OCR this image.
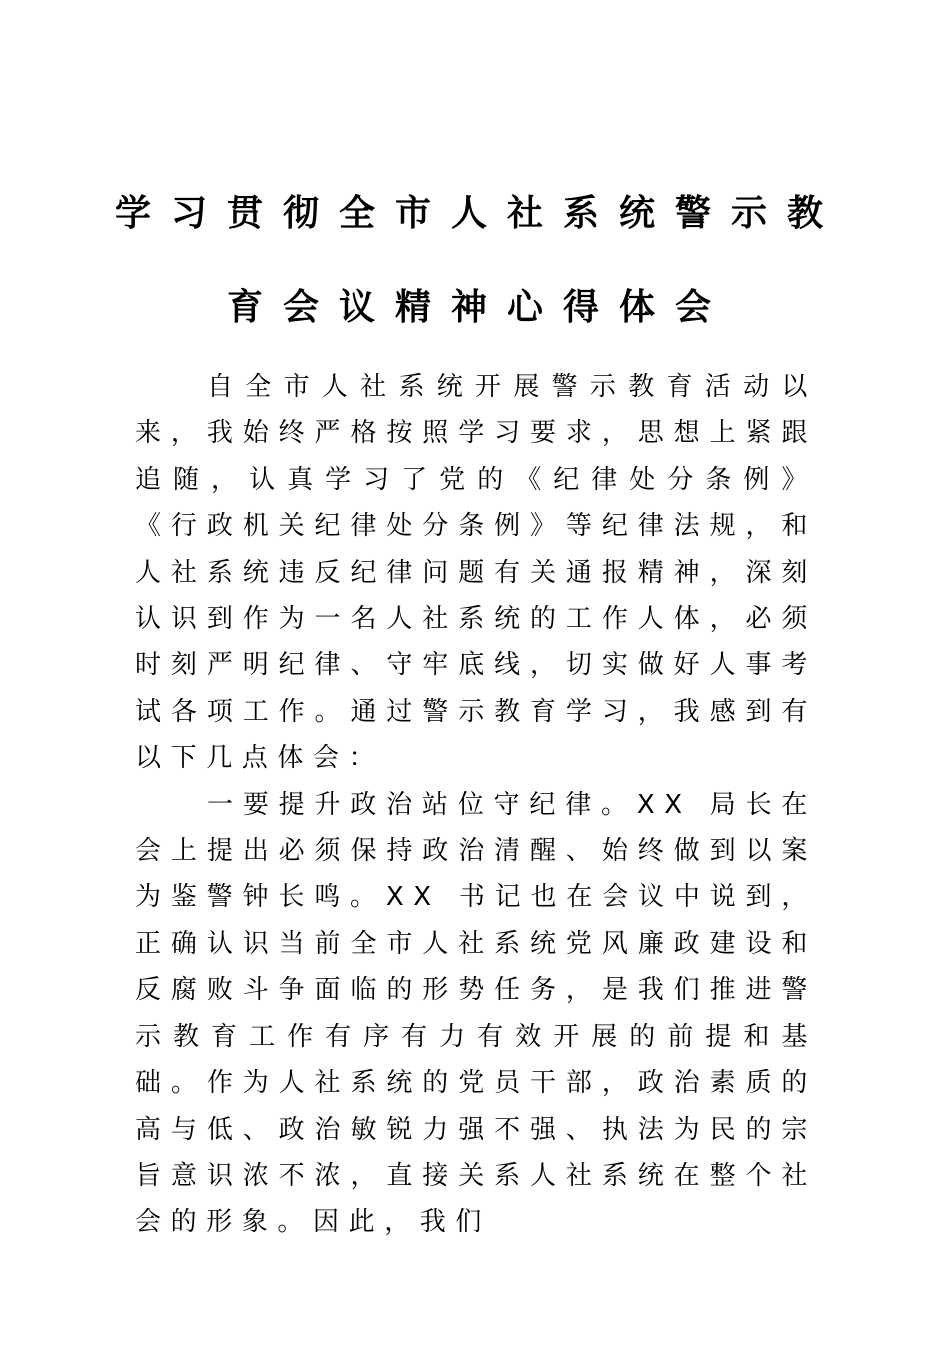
学习贯彻全市人社系统警示教
育会议精神心得体会

自全市人社系统开展警示教育活动以来，我始终严格按照学习要求，思想上紧跟追随，认真学习了党的《纪律处分条例》《行政机关纪律处分条例》等纪律法规，和人社系统违反纪律问题有关通报精神，深刻认识到作为一名人社系统的工作人体，必须时刻严明纪律、守牢底线，切实做好人事考试各项工作。通过警示教育学习，我感到有以下几点体会：

一要提升政治站位守纪律。XX 局长在会上提出必须保持政治清醒、始终做到以案为鉴警钟长鸣。XX 书记也在会议中说到，正确认识当前全市人社系统党风廉政建设和反腐败斗争面临的形势任务，是我们推进警示教育工作有序有力有效开展的前提和基础。作为人社系统的党员干部，政治素质的高与低、政治敏锐力强不强、执法为民的宗旨意识浓不浓，直接关系人社系统在整个社会的形象。因此，我们
